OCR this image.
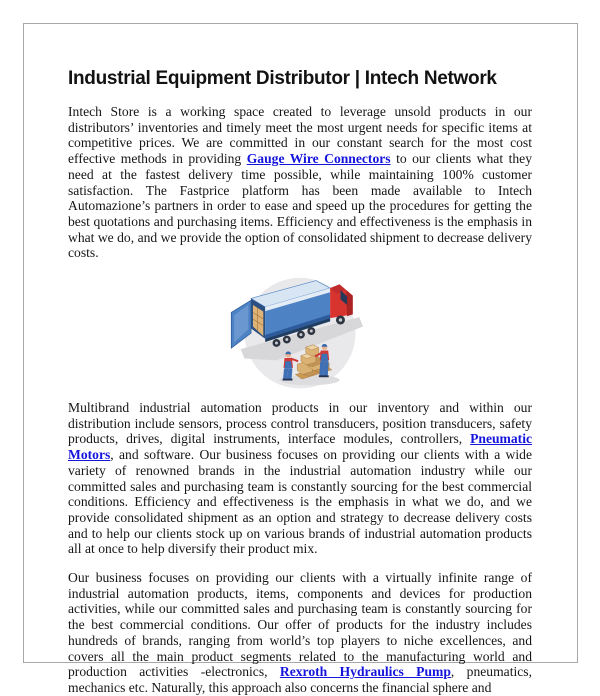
Industrial Equipment Distributor | Intech Network

Intech Store is a working space created to leverage unsold products in our distributors’ inventories and timely meet the most urgent needs for specific items at competitive prices. We are committed in our constant search for the most cost effective methods in providing Gauge Wire Connectors to our clients what they need at the fastest delivery time possible, while maintaining 100% customer satisfaction. The Fastprice platform has been made available to Intech Automazione’s partners in order to ease and speed up the procedures for getting the best quotations and purchasing items. Efficiency and effectiveness is the emphasis in what we do, and we provide the option of consolidated shipment to decrease delivery costs.

Multibrand industrial automation products in our inventory and within our distribution include sensors, process control transducers, position transducers, safety products, drives, digital instruments, interface modules, controllers, Pneumatic Motors, and software. Our business focuses on providing our clients with a wide variety of renowned brands in the industrial automation industry while our committed sales and purchasing team is constantly sourcing for the best commercial conditions. Efficiency and effectiveness is the emphasis in what we do, and we provide consolidated shipment as an option and strategy to decrease delivery costs and to help our clients stock up on various brands of industrial automation products all at once to help diversify their product mix.

Our business focuses on providing our clients with a virtually infinite range of industrial automation products, items, components and devices for production activities, while our committed sales and purchasing team is constantly sourcing for the best commercial conditions. Our offer of products for the industry includes hundreds of brands, ranging from world’s top players to niche excellences, and covers all the main product segments related to the manufacturing world and production activities -electronics, Rexroth Hydraulics Pump, pneumatics, mechanics etc. Naturally, this approach also concerns the financial sphere and
